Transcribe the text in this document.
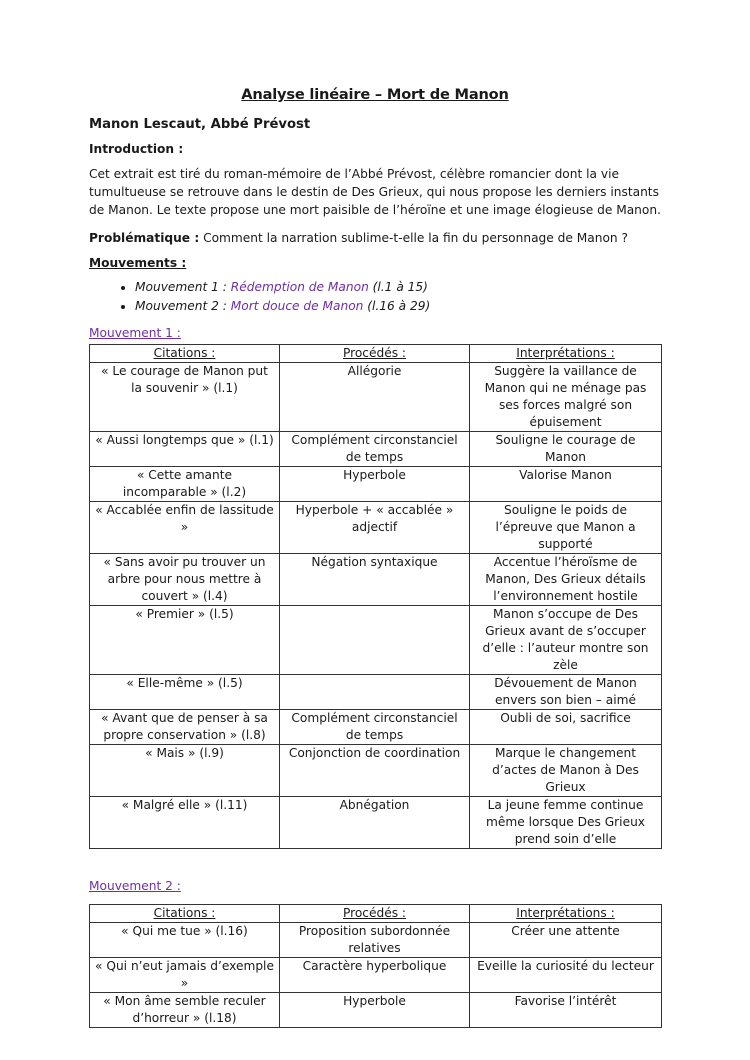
Analyse linéaire – Mort de Manon
Manon Lescaut, Abbé Prévost
Introduction :

Cet extrait est tiré du roman-mémoire de l’Abbé Prévost, célèbre romancier dont la vie tumultueuse se retrouve dans le destin de Des Grieux, qui nous propose les derniers instants de Manon. Le texte propose une mort paisible de l’héroïne et une image élogieuse de Manon.

Problématique : Comment la narration sublime-t-elle la fin du personnage de Manon ?

Mouvements :
• Mouvement 1 : Rédemption de Manon (l.1 à 15)
• Mouvement 2 : Mort douce de Manon (l.16 à 29)
Mouvement 1 :
Citations :	Procédés :	Interprétations :
« Le courage de Manon put la souvenir » (l.1)	Allégorie	Suggère la vaillance de Manon qui ne ménage pas ses forces malgré son épuisement
« Aussi longtemps que » (l.1)	Complément circonstanciel de temps	Souligne le courage de Manon
« Cette amante incomparable » (l.2)	Hyperbole	Valorise Manon
« Accablée enfin de lassitude »	Hyperbole + « accablée » adjectif	Souligne le poids de l’épreuve que Manon a supporté
« Sans avoir pu trouver un arbre pour nous mettre à couvert » (l.4)	Négation syntaxique	Accentue l’héroïsme de Manon, Des Grieux détails l’environnement hostile
« Premier » (l.5)		Manon s’occupe de Des Grieux avant de s’occuper d’elle : l’auteur montre son zèle
« Elle-même » (l.5)		Dévouement de Manon envers son bien – aimé
« Avant que de penser à sa propre conservation » (l.8)	Complément circonstanciel de temps	Oubli de soi, sacrifice
« Mais » (l.9)	Conjonction de coordination	Marque le changement d’actes de Manon à Des Grieux
« Malgré elle » (l.11)	Abnégation	La jeune femme continue même lorsque Des Grieux prend soin d’elle
Mouvement 2 :
Citations :	Procédés :	Interprétations :
« Qui me tue » (l.16)	Proposition subordonnée relatives	Créer une attente
« Qui n’eut jamais d’exemple »	Caractère hyperbolique	Eveille la curiosité du lecteur
« Mon âme semble reculer d’horreur » (l.18)	Hyperbole	Favorise l’intérêt
